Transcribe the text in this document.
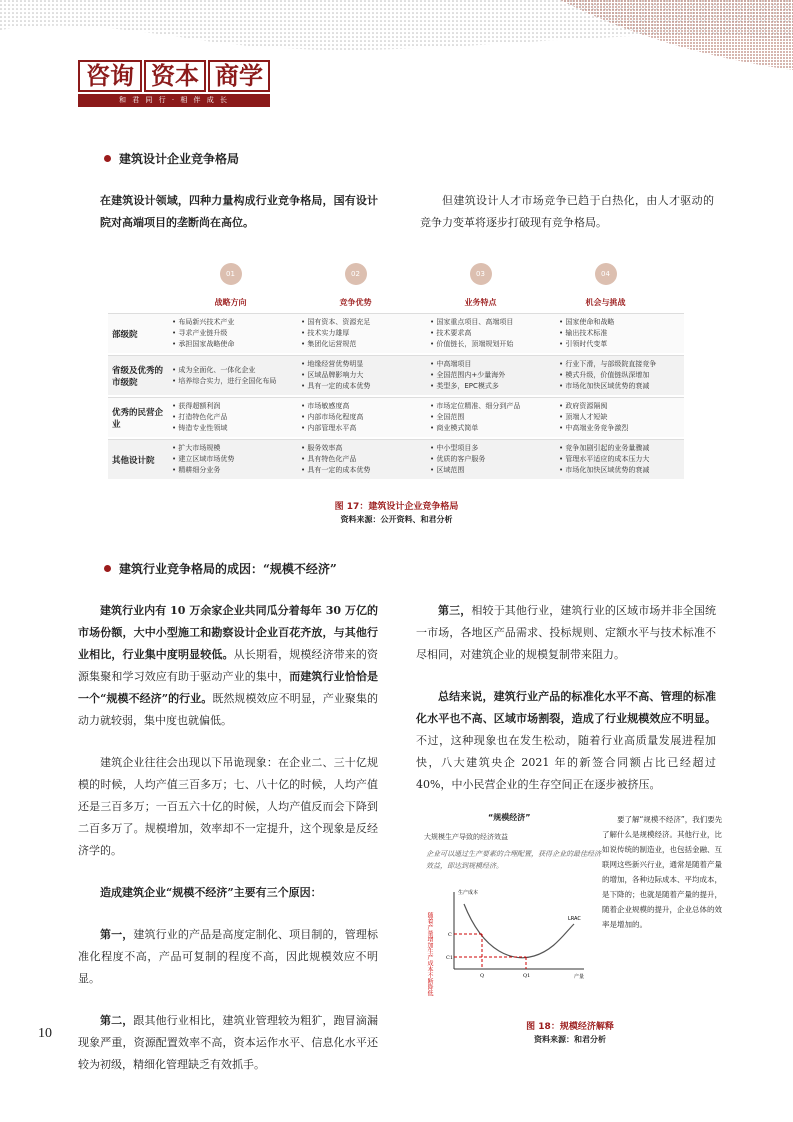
咨询 资本 商学
和 君 同 行 · 相 伴 成 长
建筑设计企业竞争格局
在建筑设计领域，四种力量构成行业竞争格局，国有设计院对高端项目的垄断尚在高位。
但建筑设计人才市场竞争已趋于白热化，由人才驱动的竞争力变革将逐步打破现有竞争格局。
01
战略方向
02
竞争优势
03
业务特点
04
机会与挑战
部级院
• 布局新兴技术产业
• 寻求产业链升级
• 承担国家战略使命
• 国有资本、资源充足
• 技术实力雄厚
• 集团化运营规范
• 国家重点项目、高端项目
• 技术要求高
• 价值链长，顶端规划开始
• 国家使命和战略
• 输出技术标准
• 引领时代变革
省级及优秀的市级院
• 成为全面化、一体化企业
• 培养综合实力，进行全国化布局
• 地缘经营优势明显
• 区域品牌影响力大
• 具有一定的成本优势
• 中高端项目
• 全国范围内+少量海外
• 类型多，EPC模式多
• 行业下滑，与部级院直接竞争
• 模式升级，价值链纵深增加
• 市场化加快区域优势的衰减
优秀的民营企业
• 获得超额利润
• 打造特色化产品
• 铸造专业性领域
• 市场敏感度高
• 内部市场化程度高
• 内部管理水平高
• 市场定位精准、细分到产品
• 全国范围
• 商业模式简单
• 政府资源隔阂
• 顶端人才短缺
• 中高端业务竞争激烈
其他设计院
• 扩大市场规模
• 建立区域市场优势
• 精耕细分业务
• 服务效率高
• 具有特色化产品
• 具有一定的成本优势
• 中小型项目多
• 优质的客户服务
• 区域范围
• 竞争加剧引起的业务量骤减
• 管理水平适应的成本压力大
• 市场化加快区域优势的衰减
图 17：建筑设计企业竞争格局
资料来源：公开资料、和君分析
建筑行业竞争格局的成因：“规模不经济”

建筑行业内有 10 万余家企业共同瓜分着每年 30 万亿的市场份额，大中小型施工和勘察设计企业百花齐放，与其他行业相比，行业集中度明显较低。从长期看，规模经济带来的资源集聚和学习效应有助于驱动产业的集中，而建筑行业恰恰是一个“规模不经济”的行业。既然规模效应不明显，产业聚集的动力就较弱，集中度也就偏低。

建筑企业往往会出现以下吊诡现象：在企业二、三十亿规模的时候，人均产值三百多万；七、八十亿的时候，人均产值还是三百多万；一百五六十亿的时候，人均产值反而会下降到二百多万了。规模增加，效率却不一定提升，这个现象是反经济学的。

造成建筑企业“规模不经济”主要有三个原因：

第一，建筑行业的产品是高度定制化、项目制的，管理标准化程度不高，产品可复制的程度不高，因此规模效应不明显。

第二，跟其他行业相比，建筑业管理较为粗犷，跑冒滴漏现象严重，资源配置效率不高，资本运作水平、信息化水平还较为初级，精细化管理缺乏有效抓手。

第三，相较于其他行业，建筑行业的区域市场并非全国统一市场，各地区产品需求、投标规则、定额水平与技术标准不尽相同，对建筑企业的规模复制带来阻力。

总结来说，建筑行业产品的标准化水平不高、管理的标准化水平也不高、区域市场割裂，造成了行业规模效应不明显。不过，这种现象也在发生松动，随着行业高质量发展进程加快，八大建筑央企 2021 年的新签合同额占比已经超过 40%，中小民营企业的生存空间正在逐步被挤压。

“规模经济”
大规模生产导致的经济效益
企业可以通过生产要素的合理配置，获得企业的最佳经济效益，即达到规模经济。
随着产量增加生产成本不断降低
生产成本
产量
LRAC
C
C1
Q	Q1
要了解“规模不经济”，我们要先了解什么是规模经济。其他行业，比如说传统的制造业，也包括金融、互联网这些新兴行业，通常是随着产量的增加，各种边际成本、平均成本，是下降的；也就是随着产量的提升，随着企业规模的提升，企业总体的效率是增加的。
图 18：规模经济解释
资料来源：和君分析
10
